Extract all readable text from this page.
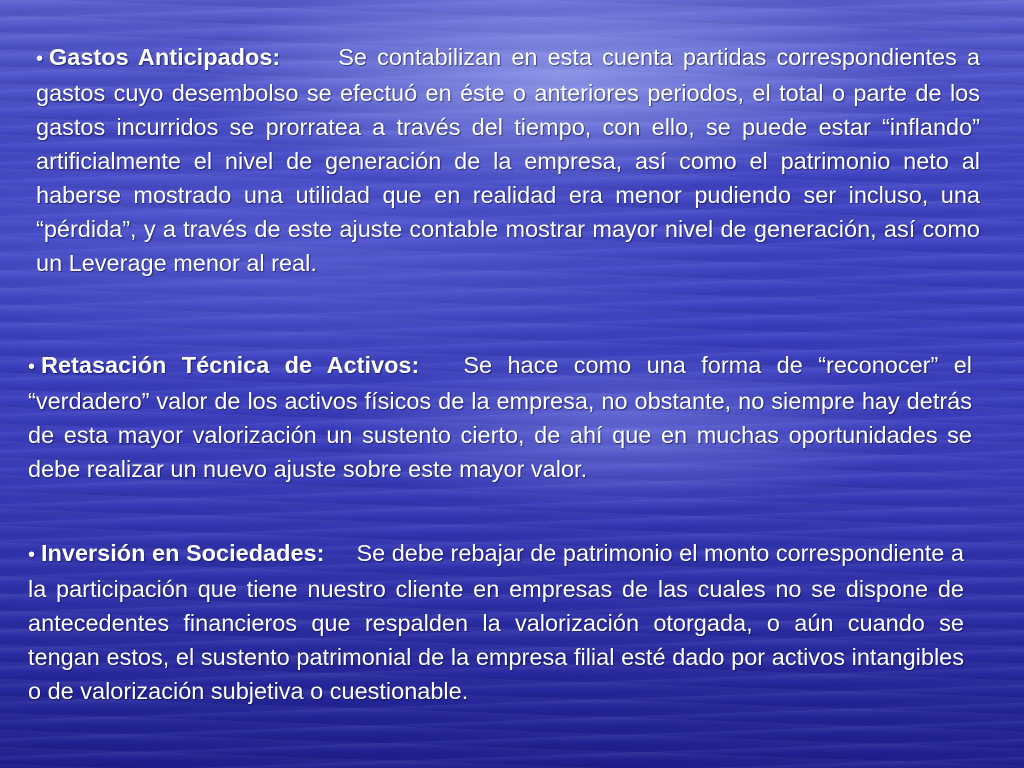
• Gastos Anticipados: Se contabilizan en esta cuenta partidas correspondientes a gastos cuyo desembolso se efectuó en éste o anteriores periodos, el total o parte de los gastos incurridos se prorratea a través del tiempo, con ello, se puede estar “inflando” artificialmente el nivel de generación de la empresa, así como el patrimonio neto al haberse mostrado una utilidad que en realidad era menor pudiendo ser incluso, una “pérdida”, y a través de este ajuste contable mostrar mayor nivel de generación, así como un Leverage menor al real.
• Retasación Técnica de Activos: Se hace como una forma de “reconocer” el “verdadero” valor de los activos físicos de la empresa, no obstante, no siempre hay detrás de esta mayor valorización un sustento cierto, de ahí que en muchas oportunidades se debe realizar un nuevo ajuste sobre este mayor valor.
• Inversión en Sociedades: Se debe rebajar de patrimonio el monto correspondiente a la participación que tiene nuestro cliente en empresas de las cuales no se dispone de antecedentes financieros que respalden la valorización otorgada, o aún cuando se tengan estos, el sustento patrimonial de la empresa filial esté dado por activos intangibles o de valorización subjetiva o cuestionable.
